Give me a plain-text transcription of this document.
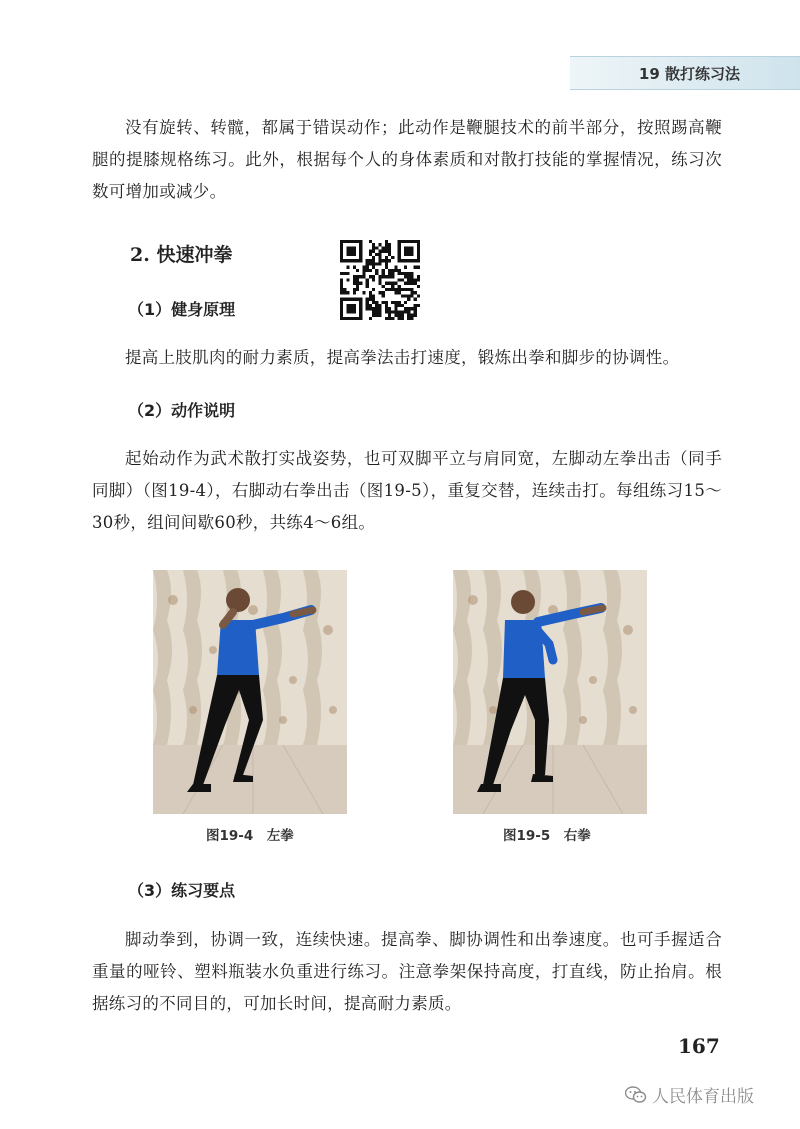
19 散打练习法

没有旋转、转髋，都属于错误动作；此动作是鞭腿技术的前半部分，按照踢高鞭腿的提膝规格练习。此外，根据每个人的身体素质和对散打技能的掌握情况，练习次数可增加或减少。

2. 快速冲拳
（1）健身原理

提高上肢肌肉的耐力素质，提高拳法击打速度，锻炼出拳和脚步的协调性。

（2）动作说明

起始动作为武术散打实战姿势，也可双脚平立与肩同宽，左脚动左拳出击（同手同脚）（图19-4），右脚动右拳出击（图19-5），重复交替，连续击打。每组练习15～30秒，组间间歇60秒，共练4～6组。

图19-4　左拳	图19-5　右拳
（3）练习要点

脚动拳到，协调一致，连续快速。提高拳、脚协调性和出拳速度。也可手握适合重量的哑铃、塑料瓶装水负重进行练习。注意拳架保持高度，打直线，防止抬肩。根据练习的不同目的，可加长时间，提高耐力素质。

167
人民体育出版
